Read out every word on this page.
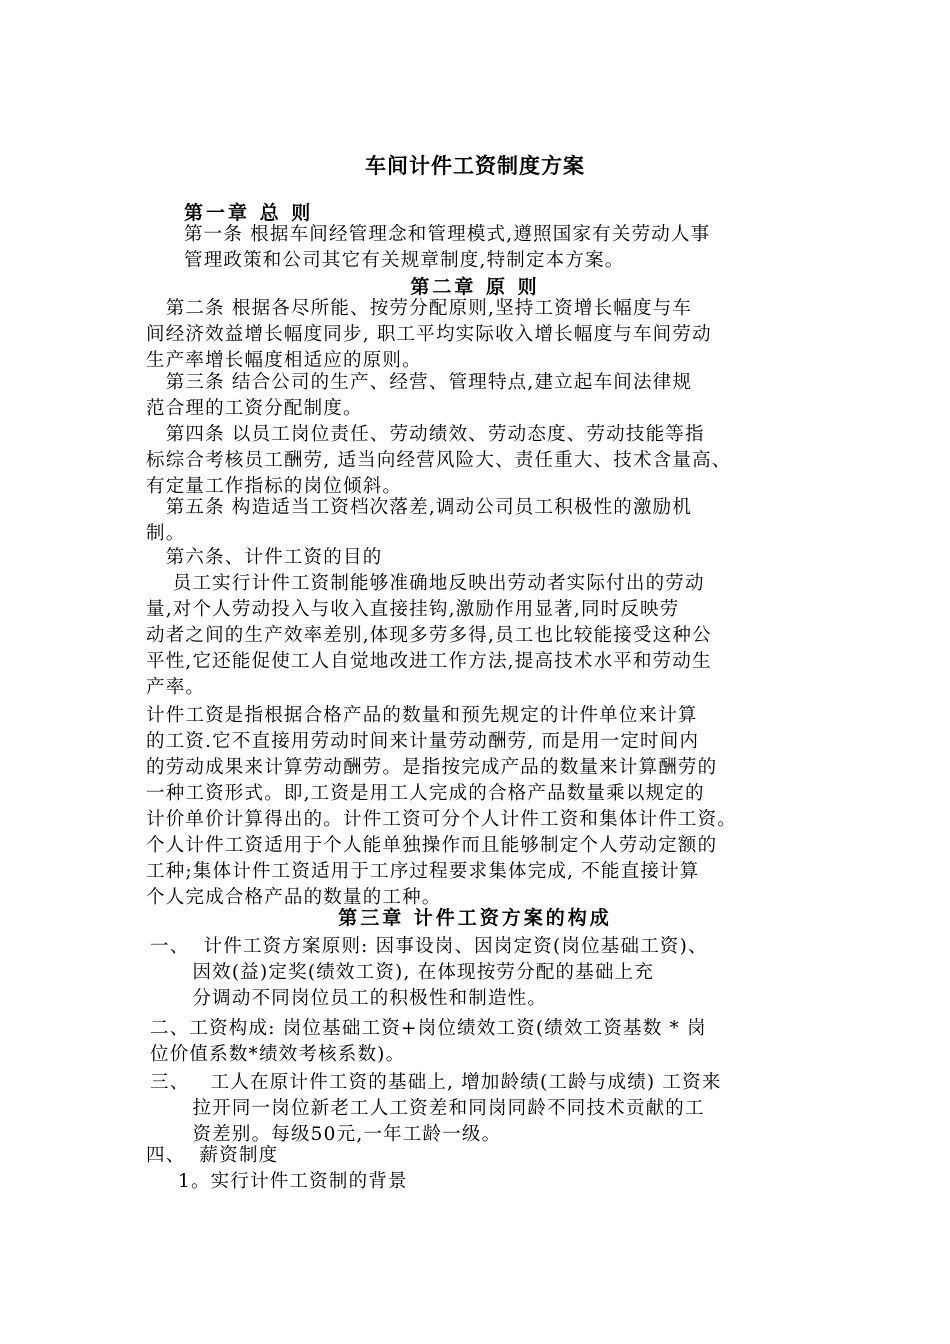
车间计件工资制度方案
第一章 总 则

第一条 根据车间经管理念和管理模式,遵照国家有关劳动人事

管理政策和公司其它有关规章制度,特制定本方案。

第二章 原 则

　第二条 根据各尽所能、按劳分配原则,坚持工资增长幅度与车

间经济效益增长幅度同步, 职工平均实际收入增长幅度与车间劳动

生产率增长幅度相适应的原则。

　第三条 结合公司的生产、经营、管理特点,建立起车间法律规

范合理的工资分配制度。

　第四条 以员工岗位责任、劳动绩效、劳动态度、劳动技能等指

标综合考核员工酬劳, 适当向经营风险大、责任重大、技术含量高、

有定量工作指标的岗位倾斜。

　第五条 构造适当工资档次落差,调动公司员工积极性的激励机

制。

　第六条、计件工资的目的

　 员工实行计件工资制能够准确地反映出劳动者实际付出的劳动

量,对个人劳动投入与收入直接挂钩,激励作用显著,同时反映劳

动者之间的生产效率差别,体现多劳多得,员工也比较能接受这种公

平性,它还能促使工人自觉地改进工作方法,提高技术水平和劳动生

产率。

计件工资是指根据合格产品的数量和预先规定的计件单位来计算

的工资.它不直接用劳动时间来计量劳动酬劳, 而是用一定时间内

的劳动成果来计算劳动酬劳。是指按完成产品的数量来计算酬劳的

一种工资形式。即,工资是用工人完成的合格产品数量乘以规定的

计价单价计算得出的。计件工资可分个人计件工资和集体计件工资。

个人计件工资适用于个人能单独操作而且能够制定个人劳动定额的

工种;集体计件工资适用于工序过程要求集体完成, 不能直接计算

个人完成合格产品的数量的工种。

第三章 计件工资方案的构成

一、  计件工资方案原则: 因事设岗、因岗定资(岗位基础工资)、

因效(益)定奖(绩效工资), 在体现按劳分配的基础上充

分调动不同岗位员工的积极性和制造性。

二、工资构成: 岗位基础工资+岗位绩效工资(绩效工资基数 * 岗

位价值系数*绩效考核系数)。

三、   工人在原计件工资的基础上, 增加龄绩(工龄与成绩) 工资来

拉开同一岗位新老工人工资差和同岗同龄不同技术贡献的工

资差别。每级50元,一年工龄一级。

四、  薪资制度

1。实行计件工资制的背景
